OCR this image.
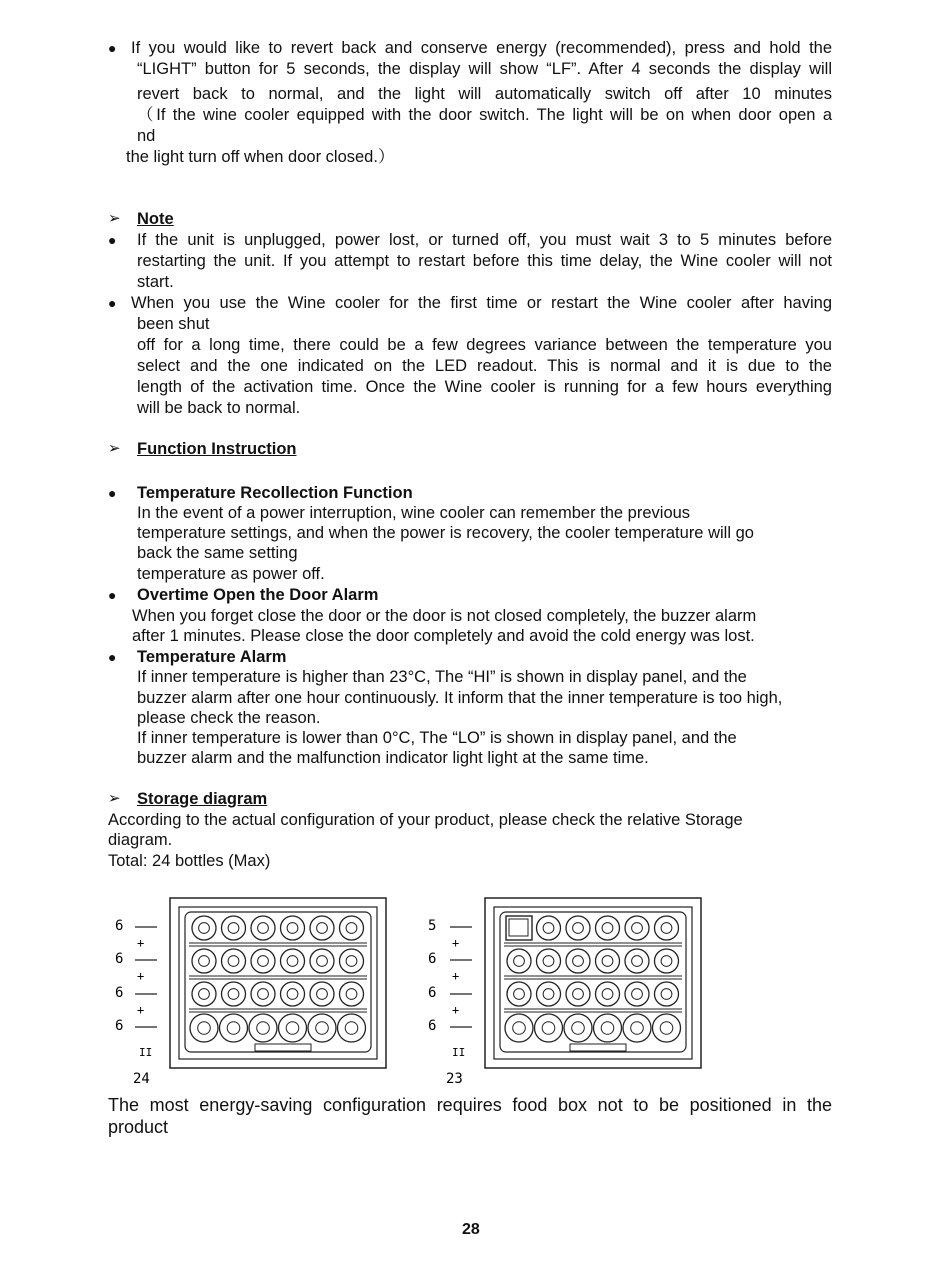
● If you would like to revert back and conserve energy (recommended), press and hold the
“LIGHT” button for 5 seconds, the display will show “LF”. After 4 seconds the display will
revert back to normal, and the light will automatically switch off after 10 minutes
（If the wine cooler equipped with the door switch. The light will be on when door open a
nd
the light turn off when door closed.）
➢ Note
● If the unit is unplugged, power lost, or turned off, you must wait 3 to 5 minutes before
restarting the unit. If you attempt to restart before this time delay, the Wine cooler will not
start.
● When you use the Wine cooler for the first time or restart the Wine cooler after having
been shut
off for a long time, there could be a few degrees variance between the temperature you
select and the one indicated on the LED readout. This is normal and it is due to the
length of the activation time. Once the Wine cooler is running for a few hours everything
will be back to normal.
➢ Function Instruction
● Temperature Recollection Function
In the event of a power interruption, wine cooler can remember the previous
temperature settings, and when the power is recovery, the cooler temperature will go
back the same setting
temperature as power off.
● Overtime Open the Door Alarm
When you forget close the door or the door is not closed completely, the buzzer alarm
after 1 minutes. Please close the door completely and avoid the cold energy was lost.
● Temperature Alarm
If inner temperature is higher than 23°C, The “HI” is shown in display panel, and the
buzzer alarm after one hour continuously. It inform that the inner temperature is too high,
please check the reason.
If inner temperature is lower than 0°C, The “LO” is shown in display panel, and the
buzzer alarm and the malfunction indicator light light at the same time.
➢ Storage diagram
According to the actual configuration of your product, please check the relative Storage
diagram.
Total: 24 bottles (Max)
6
+
6
+
6
+
6
II
24
5
+
6
+
6
+
6
II
23
The most energy-saving configuration requires food box not to be positioned in the
product
28
